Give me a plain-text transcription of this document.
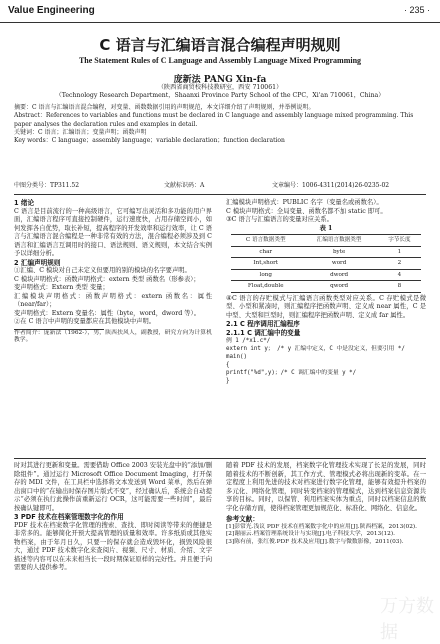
Value Engineering	· 235 ·
C 语言与汇编语言混合编程声明规则
The Statement Rules of C Language and Assembly Language Mixed Programming
庞新法 PANG Xin-fa
（陕西省商贸校科技教研室，西安 710061）
（Technology Research Department，Shaanxi Province Party School of the CPC，Xi'an 710061，China）
摘要：C 语言与汇编语言混合编程，对变量、函数数据引用的声明规范，本文详细介绍了声明规则，并举例说明。
Abstract：References to variables and functions must be declared in C language and assembly language mixed programming. This paper analyses the declaration rules and examples in detail.
关键词：C 语言；汇编语言；变量声明；函数声明
Key words：C language；assembly language；variable declaration；function declaration
中图分类号：TP311.52	文献标识码：A	文章编号：1006-4311(2014)26-0235-02
1 绪论
C 语言是目前流行的一种高级语言，它可编写出灵活和多功能的用户界面，汇编语言程序可直接控制硬件，运行速度快，占用存储空间小，如何发挥各自优势，取长补短，提高程序的开发效率和运行效率，让 C 语言与汇编语言混合编程是一种非常有效的方法，混合编程必须涉及到 C 语言和汇编语言互调用时的接口、语法规则、语义规则，本文结合实例予以详细分析。
2 汇编声明规则
①汇编、C 模块对自己未定义但要用的别的模块的名字要声明。
C 模块声明格式：函数声明格式：extern 类型 函数名（形参表）；
变声明格式：Extern 类型 变量；
汇编模块声明格式：函数声明格式：extern 函数名：属性（near/far）；
变声明格式：Extern 变量名：属性（byte，word，dword 等）。
②在 C 语言中声明的变量都应在其他模块中声明。
作者简介：庞新法（1962-），男，陕西扶风人，副教授，研究方向为计算机教学。
汇编模块声明格式：PUBLIC 名字（变量名或函数名）。
C 模块声明格式：全局变量、函数名都不加 static 即可。
③C 语言与汇编语言的变量对应关系。
表 1
C 语言数据类型	汇编语言数据类型	字节长度
char	byte	1
Int,short	word	2
long	dword	4
Float,double	qword	8
④C 语言的存贮模式与汇编语言函数类型对应关系。C 存贮模式是微型、小型和紧凑时，则汇编程序把函数声明、定义成 near 属性，C 是中型、大型和巨型时，则汇编程序把函数声明、定义成 far 属性。
2.1 C 程序调用汇编程序
2.1.1 C 调汇编中的变量
例 1 /*x1.c*/
extern int y； /* y 汇编中定义，C 中是没定义，但要引用 */
main()
{
printf("%d",y)；/* C 调汇编中的变量 y */
}
时对其进行更新和变量。需要借助 Office 2003 安装光盘中的“添加/删除组件”。通过运行 Microsoft Office Document Imaging，打开保存的 MDI 文件，在工具栏中选择将文本发送到 Word 菜单，然后在弹出窗口中的“在输出时保存图片版式不变”，经过确认后，系统会自动提示“必须在执行此操作前重新运行 OCR，这可能需要一些时间”，最后按确认键即可。
3 PDF 技术在档案管理数字化的作用
PDF 技术在档案数字化管理的搜索、查找、即时阅读等带来的便捷是非常多的。能够简化开预大提高管理的质量和效率。许多纸质或其他实物档案，由于年月日久，只要一的保存就会造成毁坏化，损毁风险很大，通过 PDF 技术数字化来查阅片、视频、尺寸、材质、介绍、文字描述等内容可以在未来相当长一段时期保证原样的完好性。并且便于向需要的人提供参考。
随着 PDF 技术的发展，档案数字化管理技术实现了长足的发展，同时随着技术的不断创新，其工作方式、管理模式必将出现新的变革。在一定程度上利用先进的技术对档案进行数字化管理，能够有效提升档案的多元化、网络化管理，同时转变档案的管理模式，达到档案信息资源共享的目标。同时，以保管、利用档案实体为重点，同时以档案信息的数字化存储方面，使得档案管理更加规范化、标准化、网络化、信息化。
参考文献：
[1]彭常光.浅议 PDF 技术在档案数字化中的应用[J].陕西档案，2013(02).
[2]谢丽云.档案管理系统设计与实现[J].电子科技大学，2013(12).
[3]陈有前，张红俊.PDF 技术及应用[J].数字与微数影像，2011(03).
万方数据
